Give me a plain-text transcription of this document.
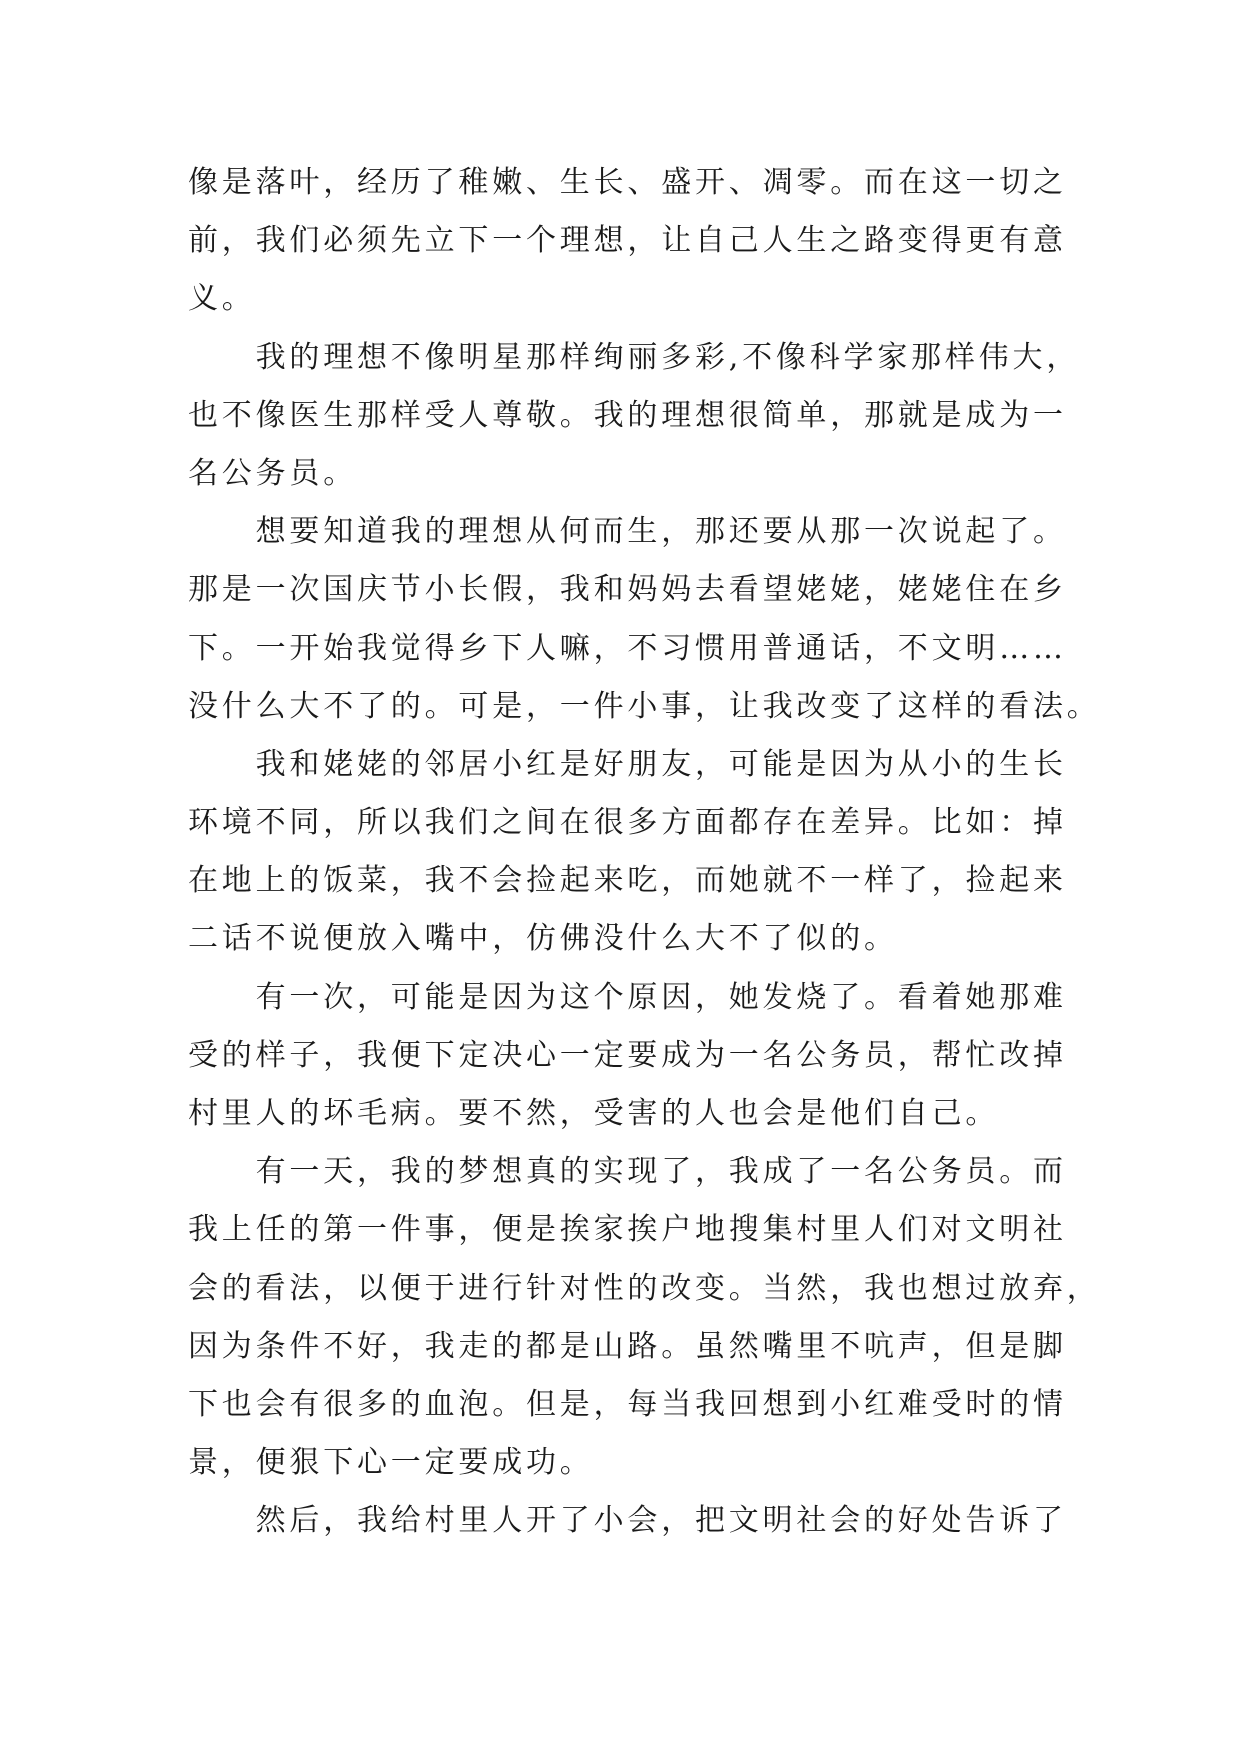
像是落叶，经历了稚嫩、生长、盛开、凋零。而在这一切之
前，我们必须先立下一个理想，让自己人生之路变得更有意
义。
　　我的理想不像明星那样绚丽多彩,不像科学家那样伟大，
也不像医生那样受人尊敬。我的理想很简单，那就是成为一
名公务员。
　　想要知道我的理想从何而生，那还要从那一次说起了。
那是一次国庆节小长假，我和妈妈去看望姥姥，姥姥住在乡
下。一开始我觉得乡下人嘛，不习惯用普通话，不文明……
没什么大不了的。可是，一件小事，让我改变了这样的看法。
　　我和姥姥的邻居小红是好朋友，可能是因为从小的生长
环境不同，所以我们之间在很多方面都存在差异。比如：掉
在地上的饭菜，我不会捡起来吃，而她就不一样了，捡起来
二话不说便放入嘴中，仿佛没什么大不了似的。
　　有一次，可能是因为这个原因，她发烧了。看着她那难
受的样子，我便下定决心一定要成为一名公务员，帮忙改掉
村里人的坏毛病。要不然，受害的人也会是他们自己。
　　有一天，我的梦想真的实现了，我成了一名公务员。而
我上任的第一件事，便是挨家挨户地搜集村里人们对文明社
会的看法，以便于进行针对性的改变。当然，我也想过放弃，
因为条件不好，我走的都是山路。虽然嘴里不吭声，但是脚
下也会有很多的血泡。但是，每当我回想到小红难受时的情
景，便狠下心一定要成功。
　　然后，我给村里人开了小会，把文明社会的好处告诉了
